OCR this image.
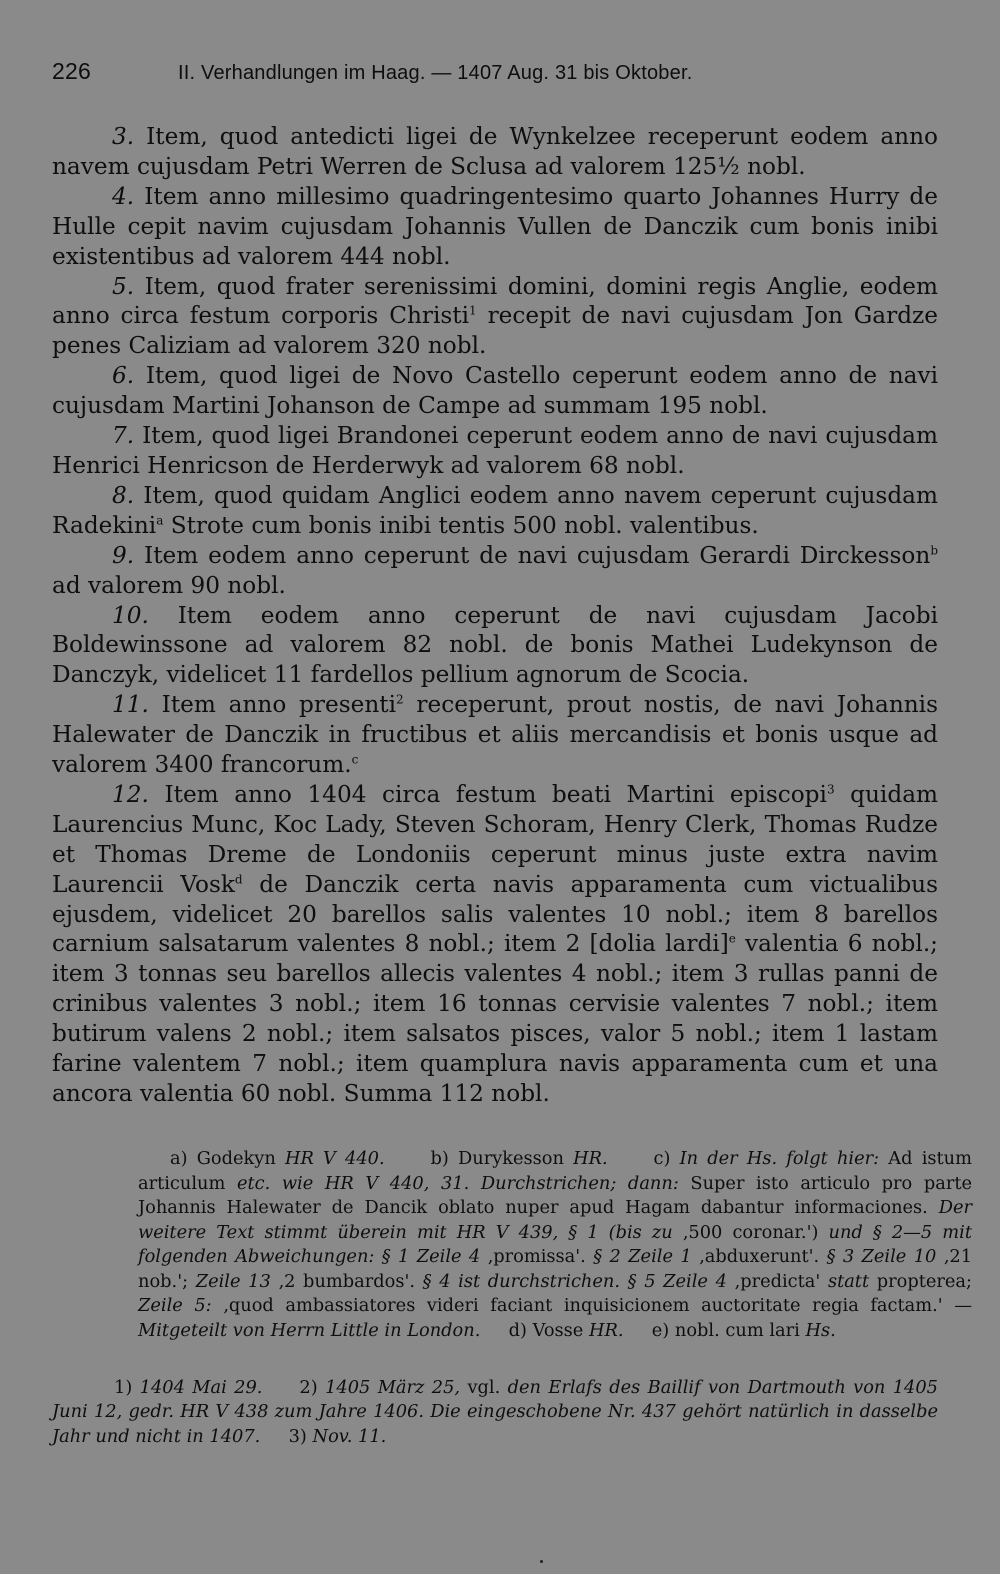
226	II. Verhandlungen im Haag. — 1407 Aug. 31 bis Oktober.

3. Item, quod antedicti ligei de Wynkelzee receperunt eodem anno navem cujusdam Petri Werren de Sclusa ad valorem 125½ nobl.

4. Item anno millesimo quadringentesimo quarto Johannes Hurry de Hulle cepit navim cujusdam Johannis Vullen de Danczik cum bonis inibi existentibus ad valorem 444 nobl.

5. Item, quod frater serenissimi domini, domini regis Anglie, eodem anno circa festum corporis Christi$^1$ recepit de navi cujusdam Jon Gardze penes Caliziam ad valorem 320 nobl.

6. Item, quod ligei de Novo Castello ceperunt eodem anno de navi cujusdam Martini Johanson de Campe ad summam 195 nobl.

7. Item, quod ligei Brandonei ceperunt eodem anno de navi cujusdam Henrici Henricson de Herderwyk ad valorem 68 nobl.

8. Item, quod quidam Anglici eodem anno navem ceperunt cujusdam Radekini$^a$ Strote cum bonis inibi tentis 500 nobl. valentibus.

9. Item eodem anno ceperunt de navi cujusdam Gerardi Dirckesson$^b$ ad valorem 90 nobl.

10. Item eodem anno ceperunt de navi cujusdam Jacobi Boldewinssone ad valorem 82 nobl. de bonis Mathei Ludekynson de Danczyk, videlicet 11 fardellos pellium agnorum de Scocia.

11. Item anno presenti$^2$ receperunt, prout nostis, de navi Johannis Halewater de Danczik in fructibus et aliis mercandisis et bonis usque ad valorem 3400 francorum.$^c$

12. Item anno 1404 circa festum beati Martini episcopi$^3$ quidam Laurencius Munc, Koc Lady, Steven Schoram, Henry Clerk, Thomas Rudze et Thomas Dreme de Londoniis ceperunt minus juste extra navim Laurencii Vosk$^d$ de Danczik certa navis apparamenta cum victualibus ejusdem, videlicet 20 barellos salis valentes 10 nobl.; item 8 barellos carnium salsatarum valentes 8 nobl.; item 2 [dolia lardi]$^e$ valentia 6 nobl.; item 3 tonnas seu barellos allecis valentes 4 nobl.; item 3 rullas panni de crinibus valentes 3 nobl.; item 16 tonnas cervisie valentes 7 nobl.; item butirum valens 2 nobl.; item salsatos pisces, valor 5 nobl.; item 1 lastam farine valentem 7 nobl.; item quamplura navis apparamenta cum et una ancora valentia 60 nobl. Summa 112 nobl.

a) Godekyn HR V 440.	b) Durykesson HR.	c) In der Hs. folgt hier: Ad istum articulum etc. wie HR V 440, 31. Durchstrichen; dann: Super isto articulo pro parte Johannis Halewater de Dancik oblato nuper apud Hagam dabantur informaciones. Der weitere Text stimmt überein mit HR V 439, § 1 (bis zu ‚500 coronar.') und § 2—5 mit folgenden Abweichungen: § 1 Zeile 4 ‚promissa'. § 2 Zeile 1 ‚abduxerunt'. § 3 Zeile 10 ‚21 nob.'; Zeile 13 ‚2 bumbardos'. § 4 ist durchstrichen. § 5 Zeile 4 ‚predicta' statt propterea; Zeile 5: ‚quod ambassiatores videri faciant inquisicionem auctoritate regia factam.' — Mitgeteilt von Herrn Little in London. d) Vosse HR. e) nobl. cum lari Hs.

1) 1404 Mai 29. 2) 1405 März 25, vgl. den Erlafs des Baillif von Dartmouth von 1405 Juni 12, gedr. HR V 438 zum Jahre 1406. Die eingeschobene Nr. 437 gehört natürlich in dasselbe Jahr und nicht in 1407. 3) Nov. 11.
